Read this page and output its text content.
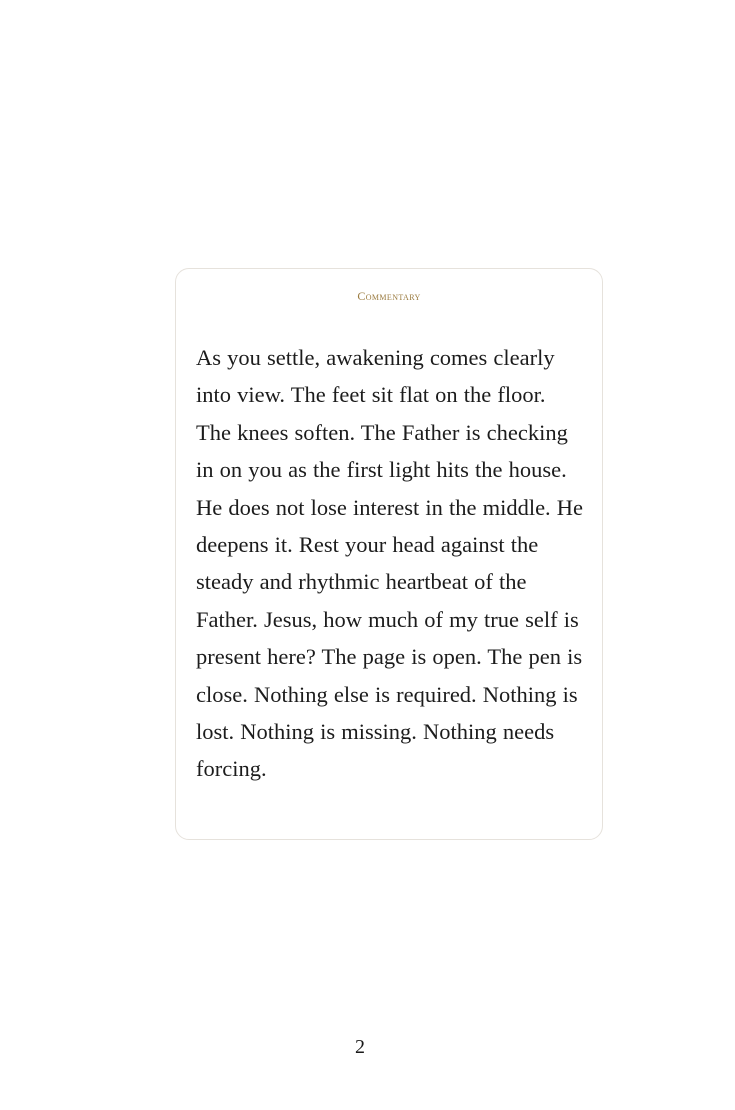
Commentary

As you settle, awakening comes clearly into view. The feet sit flat on the floor. The knees soften. The Father is checking in on you as the first light hits the house. He does not lose interest in the middle. He deepens it. Rest your head against the steady and rhythmic heartbeat of the Father. Jesus, how much of my true self is present here? The page is open. The pen is close. Nothing else is required. Nothing is lost. Nothing is missing. Nothing needs forcing.

2
